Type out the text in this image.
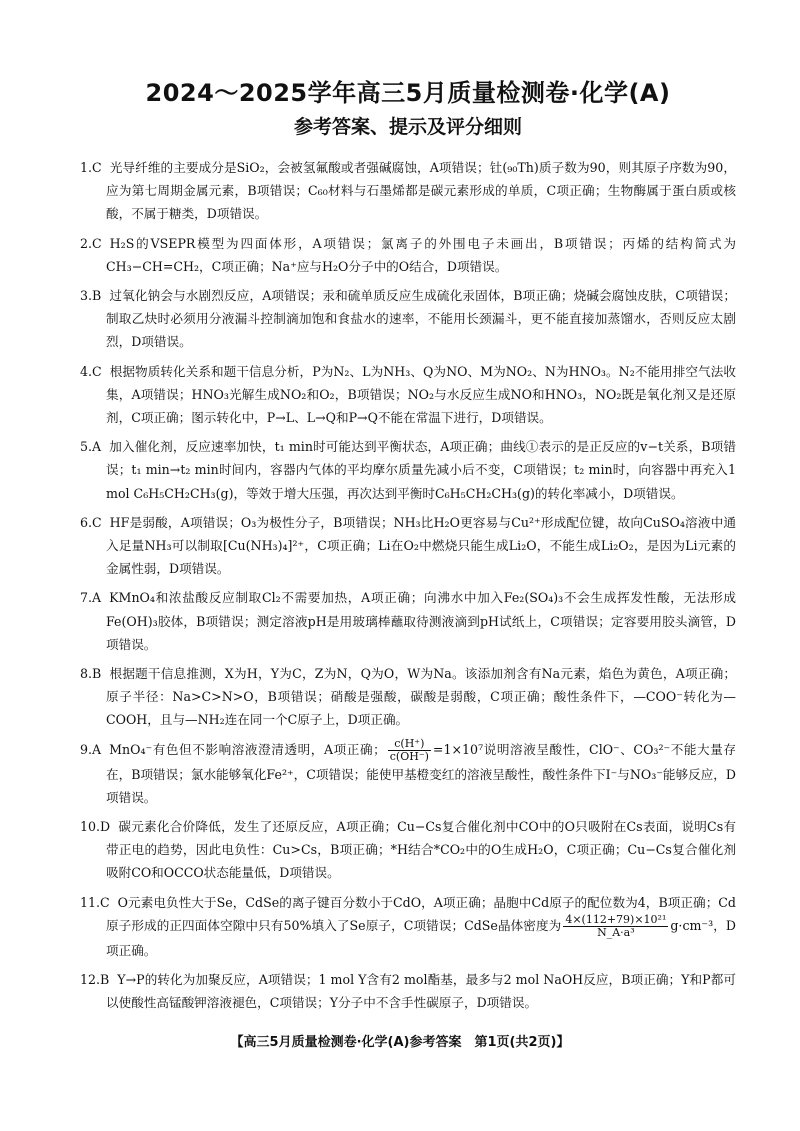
2024～2025学年高三5月质量检测卷·化学(A)
参考答案、提示及评分细则
1.C 光导纤维的主要成分是SiO₂，会被氢氟酸或者强碱腐蚀，A项错误；钍(₉₀Th)质子数为90，则其原子序数为90，应为第七周期金属元素，B项错误；C₆₀材料与石墨烯都是碳元素形成的单质，C项正确；生物酶属于蛋白质或核酸，不属于糖类，D项错误。
2.C H₂S的VSEPR模型为四面体形，A项错误；氯离子的外围电子未画出，B项错误；丙烯的结构简式为CH₃−CH=CH₂，C项正确；Na⁺应与H₂O分子中的O结合，D项错误。
3.B 过氧化钠会与水剧烈反应，A项错误；汞和硫单质反应生成硫化汞固体，B项正确；烧碱会腐蚀皮肤，C项错误；制取乙炔时必须用分液漏斗控制滴加饱和食盐水的速率，不能用长颈漏斗，更不能直接加蒸馏水，否则反应太剧烈，D项错误。
4.C 根据物质转化关系和题干信息分析，P为N₂、L为NH₃、Q为NO、M为NO₂、N为HNO₃。N₂不能用排空气法收集，A项错误；HNO₃光解生成NO₂和O₂，B项错误；NO₂与水反应生成NO和HNO₃，NO₂既是氧化剂又是还原剂，C项正确；图示转化中，P→L、L→Q和P→Q不能在常温下进行，D项错误。
5.A 加入催化剂，反应速率加快，t₁ min时可能达到平衡状态，A项正确；曲线①表示的是正反应的v−t关系，B项错误；t₁ min→t₂ min时间内，容器内气体的平均摩尔质量先减小后不变，C项错误；t₂ min时，向容器中再充入1 mol C₆H₅CH₂CH₃(g)，等效于增大压强，再次达到平衡时C₆H₅CH₂CH₃(g)的转化率减小，D项错误。
6.C HF是弱酸，A项错误；O₃为极性分子，B项错误；NH₃比H₂O更容易与Cu²⁺形成配位键，故向CuSO₄溶液中通入足量NH₃可以制取[Cu(NH₃)₄]²⁺，C项正确；Li在O₂中燃烧只能生成Li₂O，不能生成Li₂O₂，是因为Li元素的金属性弱，D项错误。
7.A KMnO₄和浓盐酸反应制取Cl₂不需要加热，A项正确；向沸水中加入Fe₂(SO₄)₃不会生成挥发性酸，无法形成Fe(OH)₃胶体，B项错误；测定溶液pH是用玻璃棒蘸取待测液滴到pH试纸上，C项错误；定容要用胶头滴管，D项错误。
8.B 根据题干信息推测，X为H，Y为C，Z为N，Q为O，W为Na。该添加剂含有Na元素，焰色为黄色，A项正确；原子半径：Na>C>N>O，B项错误；硝酸是强酸，碳酸是弱酸，C项正确；酸性条件下，—COO⁻转化为—COOH，且与—NH₂连在同一个C原子上，D项正确。
9.A MnO₄⁻有色但不影响溶液澄清透明，A项正确； $\frac{c(H^+)}{c(OH^-)} =1\times 10^7$说明溶液呈酸性，ClO⁻、CO₃²⁻不能大量存在，B项错误；氯水能够氧化Fe²⁺，C项错误；能使甲基橙变红的溶液呈酸性，酸性条件下I⁻与NO₃⁻能够反应，D项错误。
10.D 碳元素化合价降低，发生了还原反应，A项正确；Cu−Cs复合催化剂中CO中的O只吸附在Cs表面，说明Cs有带正电的趋势，因此电负性：Cu>Cs，B项正确；*H结合*CO₂中的O生成H₂O，C项正确；Cu−Cs复合催化剂吸附CO和OCCO状态能量低，D项错误。
11.C O元素电负性大于Se，CdSe的离子键百分数小于CdO，A项正确；晶胞中Cd原子的配位数为4，B项正确；Cd原子形成的正四面体空隙中只有50%填入了Se原子，C项错误；CdSe晶体密度为 $\frac{\text{4×(112+79)×10²¹}}{\text{N\_A·a³}} g\cdot cm^{-3}$，D项正确。
12.B Y→P的转化为加聚反应，A项错误；1 mol Y含有2 mol酯基，最多与2 mol NaOH反应，B项正确；Y和P都可以使酸性高锰酸钾溶液褪色，C项错误；Y分子中不含手性碳原子，D项错误。
【高三5月质量检测卷·化学(A)参考答案　第1页(共2页)】
